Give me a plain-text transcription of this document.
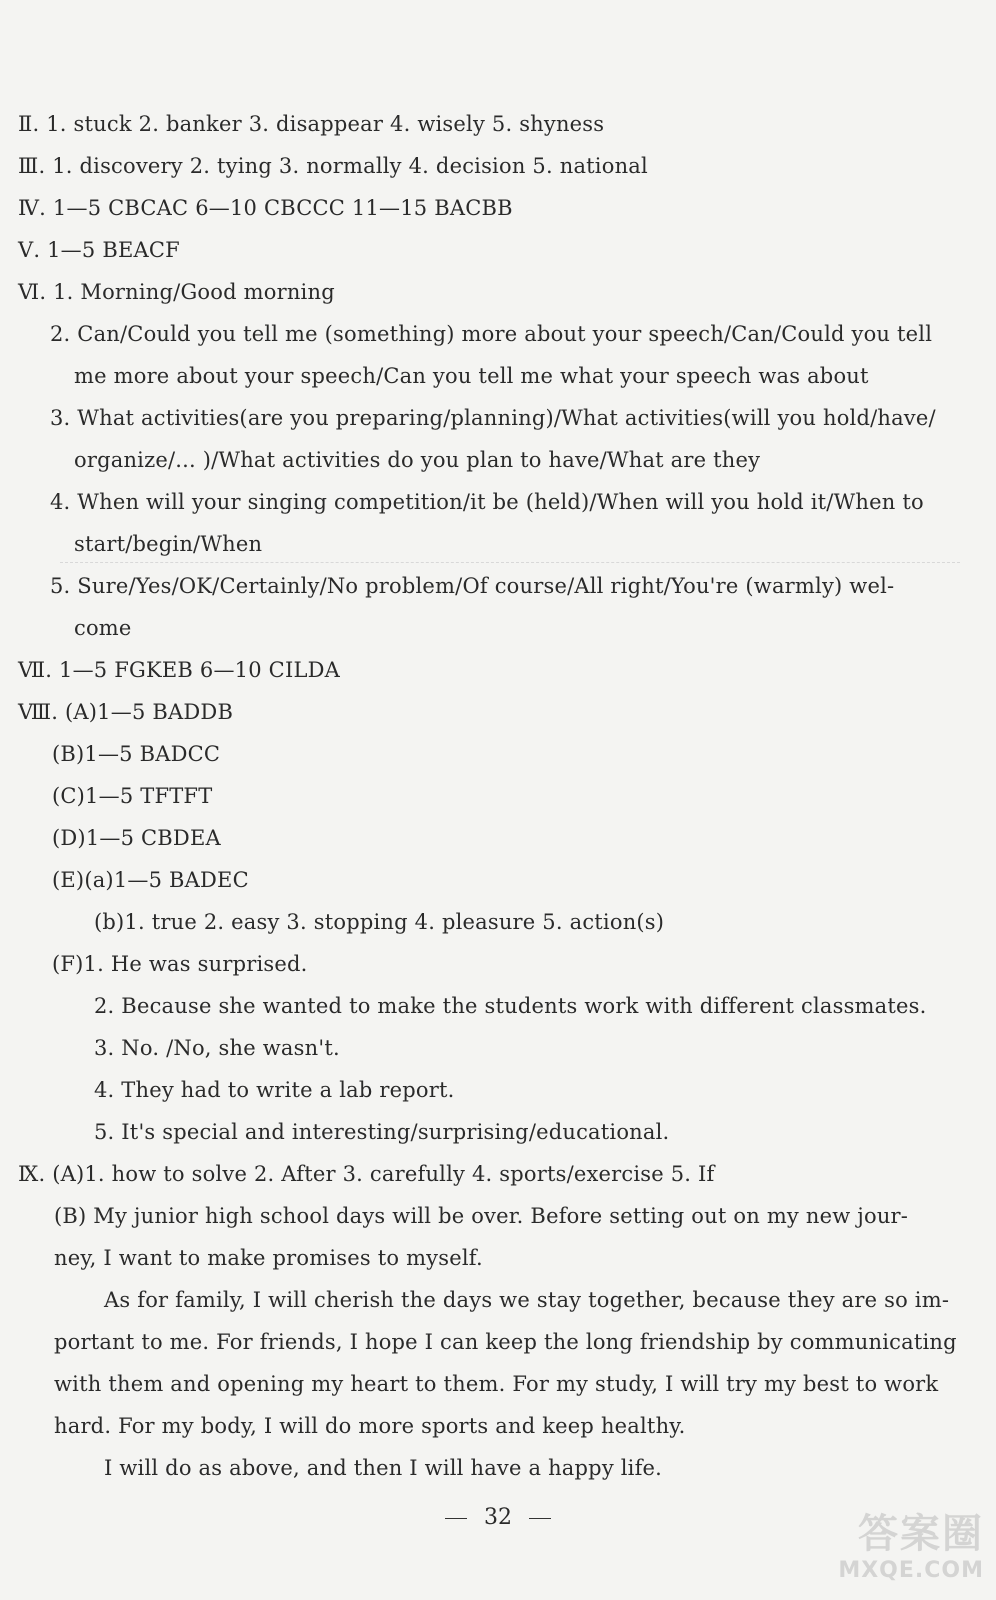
Ⅱ. 1. stuck 2. banker 3. disappear 4. wisely 5. shyness
Ⅲ. 1. discovery 2. tying 3. normally 4. decision 5. national
Ⅳ. 1—5 CBCAC 6—10 CBCCC 11—15 BACBB
Ⅴ. 1—5 BEACF
Ⅵ. 1. Morning/Good morning
2. Can/Could you tell me (something) more about your speech/Can/Could you tell
me more about your speech/Can you tell me what your speech was about
3. What activities(are you preparing/planning)/What activities(will you hold/have/
organize/... )/What activities do you plan to have/What are they
4. When will your singing competition/it be (held)/When will you hold it/When to
start/begin/When
5. Sure/Yes/OK/Certainly/No problem/Of course/All right/You're (warmly) wel-
come
Ⅶ. 1—5 FGKEB 6—10 CILDA
Ⅷ. (A)1—5 BADDB
(B)1—5 BADCC
(C)1—5 TFTFT
(D)1—5 CBDEA
(E)(a)1—5 BADEC
(b)1. true 2. easy 3. stopping 4. pleasure 5. action(s)
(F)1. He was surprised.
2. Because she wanted to make the students work with different classmates.
3. No. /No, she wasn't.
4. They had to write a lab report.
5. It's special and interesting/surprising/educational.
Ⅸ. (A)1. how to solve 2. After 3. carefully 4. sports/exercise 5. If
(B) My junior high school days will be over. Before setting out on my new jour-
ney, I want to make promises to myself.
As for family, I will cherish the days we stay together, because they are so im-
portant to me. For friends, I hope I can keep the long friendship by communicating
with them and opening my heart to them. For my study, I will try my best to work
hard. For my body, I will do more sports and keep healthy.
I will do as above, and then I will have a happy life.
32	答案圈
MXQE.COM
